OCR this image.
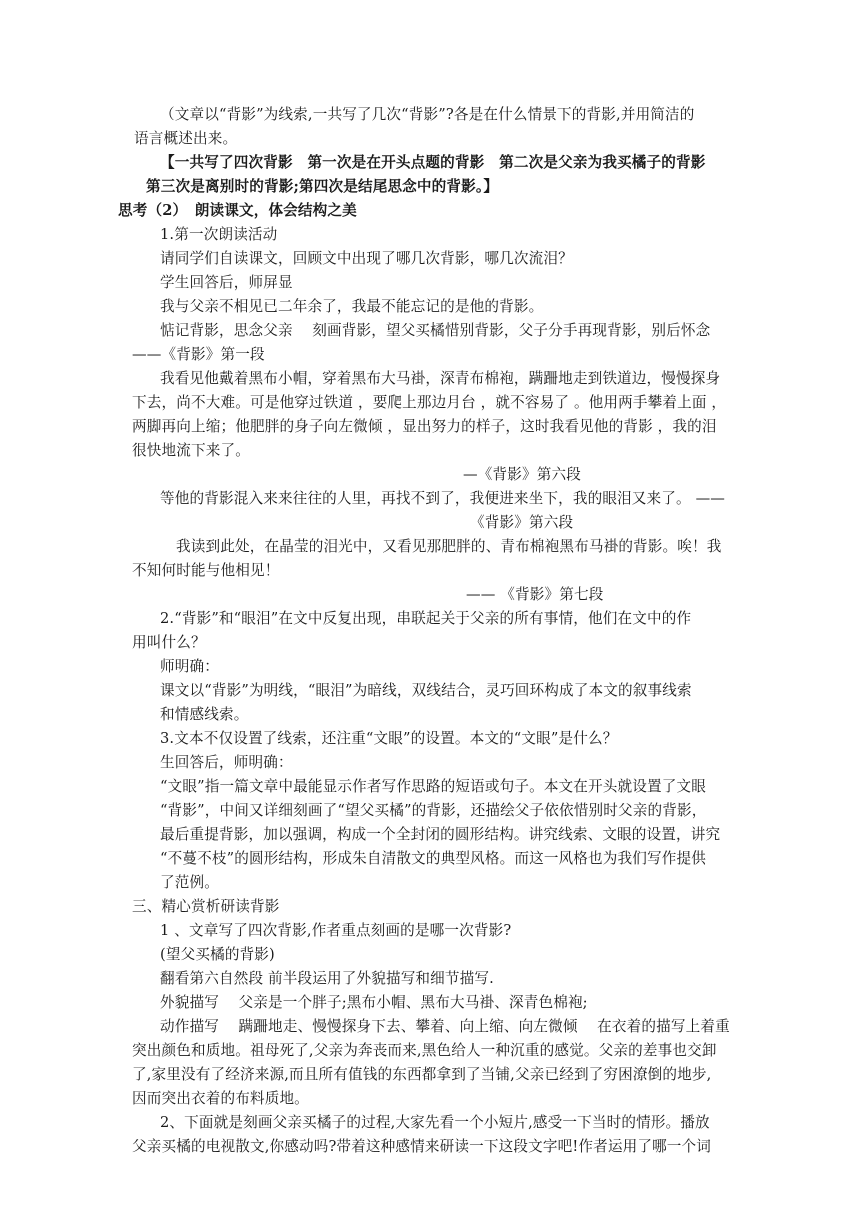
（文章以“背影”为线索,一共写了几次“背影”?各是在什么情景下的背影,并用简洁的
语言概述出来。
【一共写了四次背影　第一次是在开头点题的背影　第二次是父亲为我买橘子的背影
第三次是离别时的背影;第四次是结尾思念中的背影。】
思考（2）　朗读课文，体会结构之美
1.第一次朗读活动
请同学们自读课文，回顾文中出现了哪几次背影，哪几次流泪？
学生回答后，师屏显
我与父亲不相见已二年余了，我最不能忘记的是他的背影。
惦记背影，思念父亲　 刻画背影，望父买橘惜别背影，父子分手再现背影，别后怀念
——《背影》第一段
我看见他戴着黑布小帽，穿着黑布大马褂，深青布棉袍，蹒跚地走到铁道边，慢慢探身
下去，尚不大难。可是他穿过铁道 ，要爬上那边月台 ，就不容易了 。他用两手攀着上面 ，
两脚再向上缩；他肥胖的身子向左微倾 ，显出努力的样子，这时我看见他的背影 ，我的泪
很快地流下来了。
—《背影》第六段
等他的背影混入来来往往的人里，再找不到了，我便进来坐下，我的眼泪又来了。 ——
《背影》第六段
我读到此处，在晶莹的泪光中，又看见那肥胖的、青布棉袍黑布马褂的背影。唉！我
不知何时能与他相见！
—— 《背影》第七段
2.“背影”和“眼泪”在文中反复出现，串联起关于父亲的所有事情，他们在文中的作
用叫什么？
师明确：
课文以“背影”为明线，“眼泪”为暗线，双线结合，灵巧回环构成了本文的叙事线索
和情感线索。
3.文本不仅设置了线索，还注重“文眼”的设置。本文的“文眼”是什么？
生回答后，师明确：
“文眼”指一篇文章中最能显示作者写作思路的短语或句子。本文在开头就设置了文眼
“背影”，中间又详细刻画了“望父买橘”的背影，还描绘父子依依惜别时父亲的背影，
最后重提背影，加以强调，构成一个全封闭的圆形结构。讲究线索、文眼的设置，讲究
“不蔓不枝”的圆形结构，形成朱自清散文的典型风格。而这一风格也为我们写作提供
了范例。
三、精心赏析研读背影
1 、文章写了四次背影,作者重点刻画的是哪一次背影?
(望父买橘的背影)
翻看第六自然段 前半段运用了外貌描写和细节描写.
外貌描写　 父亲是一个胖子;黑布小帽、黑布大马褂、深青色棉袍;
动作描写　 蹒跚地走、慢慢探身下去、攀着、向上缩、向左微倾　 在衣着的描写上着重
突出颜色和质地。祖母死了,父亲为奔丧而来,黑色给人一种沉重的感觉。父亲的差事也交卸
了,家里没有了经济来源,而且所有值钱的东西都拿到了当铺,父亲已经到了穷困潦倒的地步,
因而突出衣着的布料质地。
2、下面就是刻画父亲买橘子的过程,大家先看一个小短片,感受一下当时的情形。播放
父亲买橘的电视散文,你感动吗?带着这种感情来研读一下这段文字吧!作者运用了哪一个词
